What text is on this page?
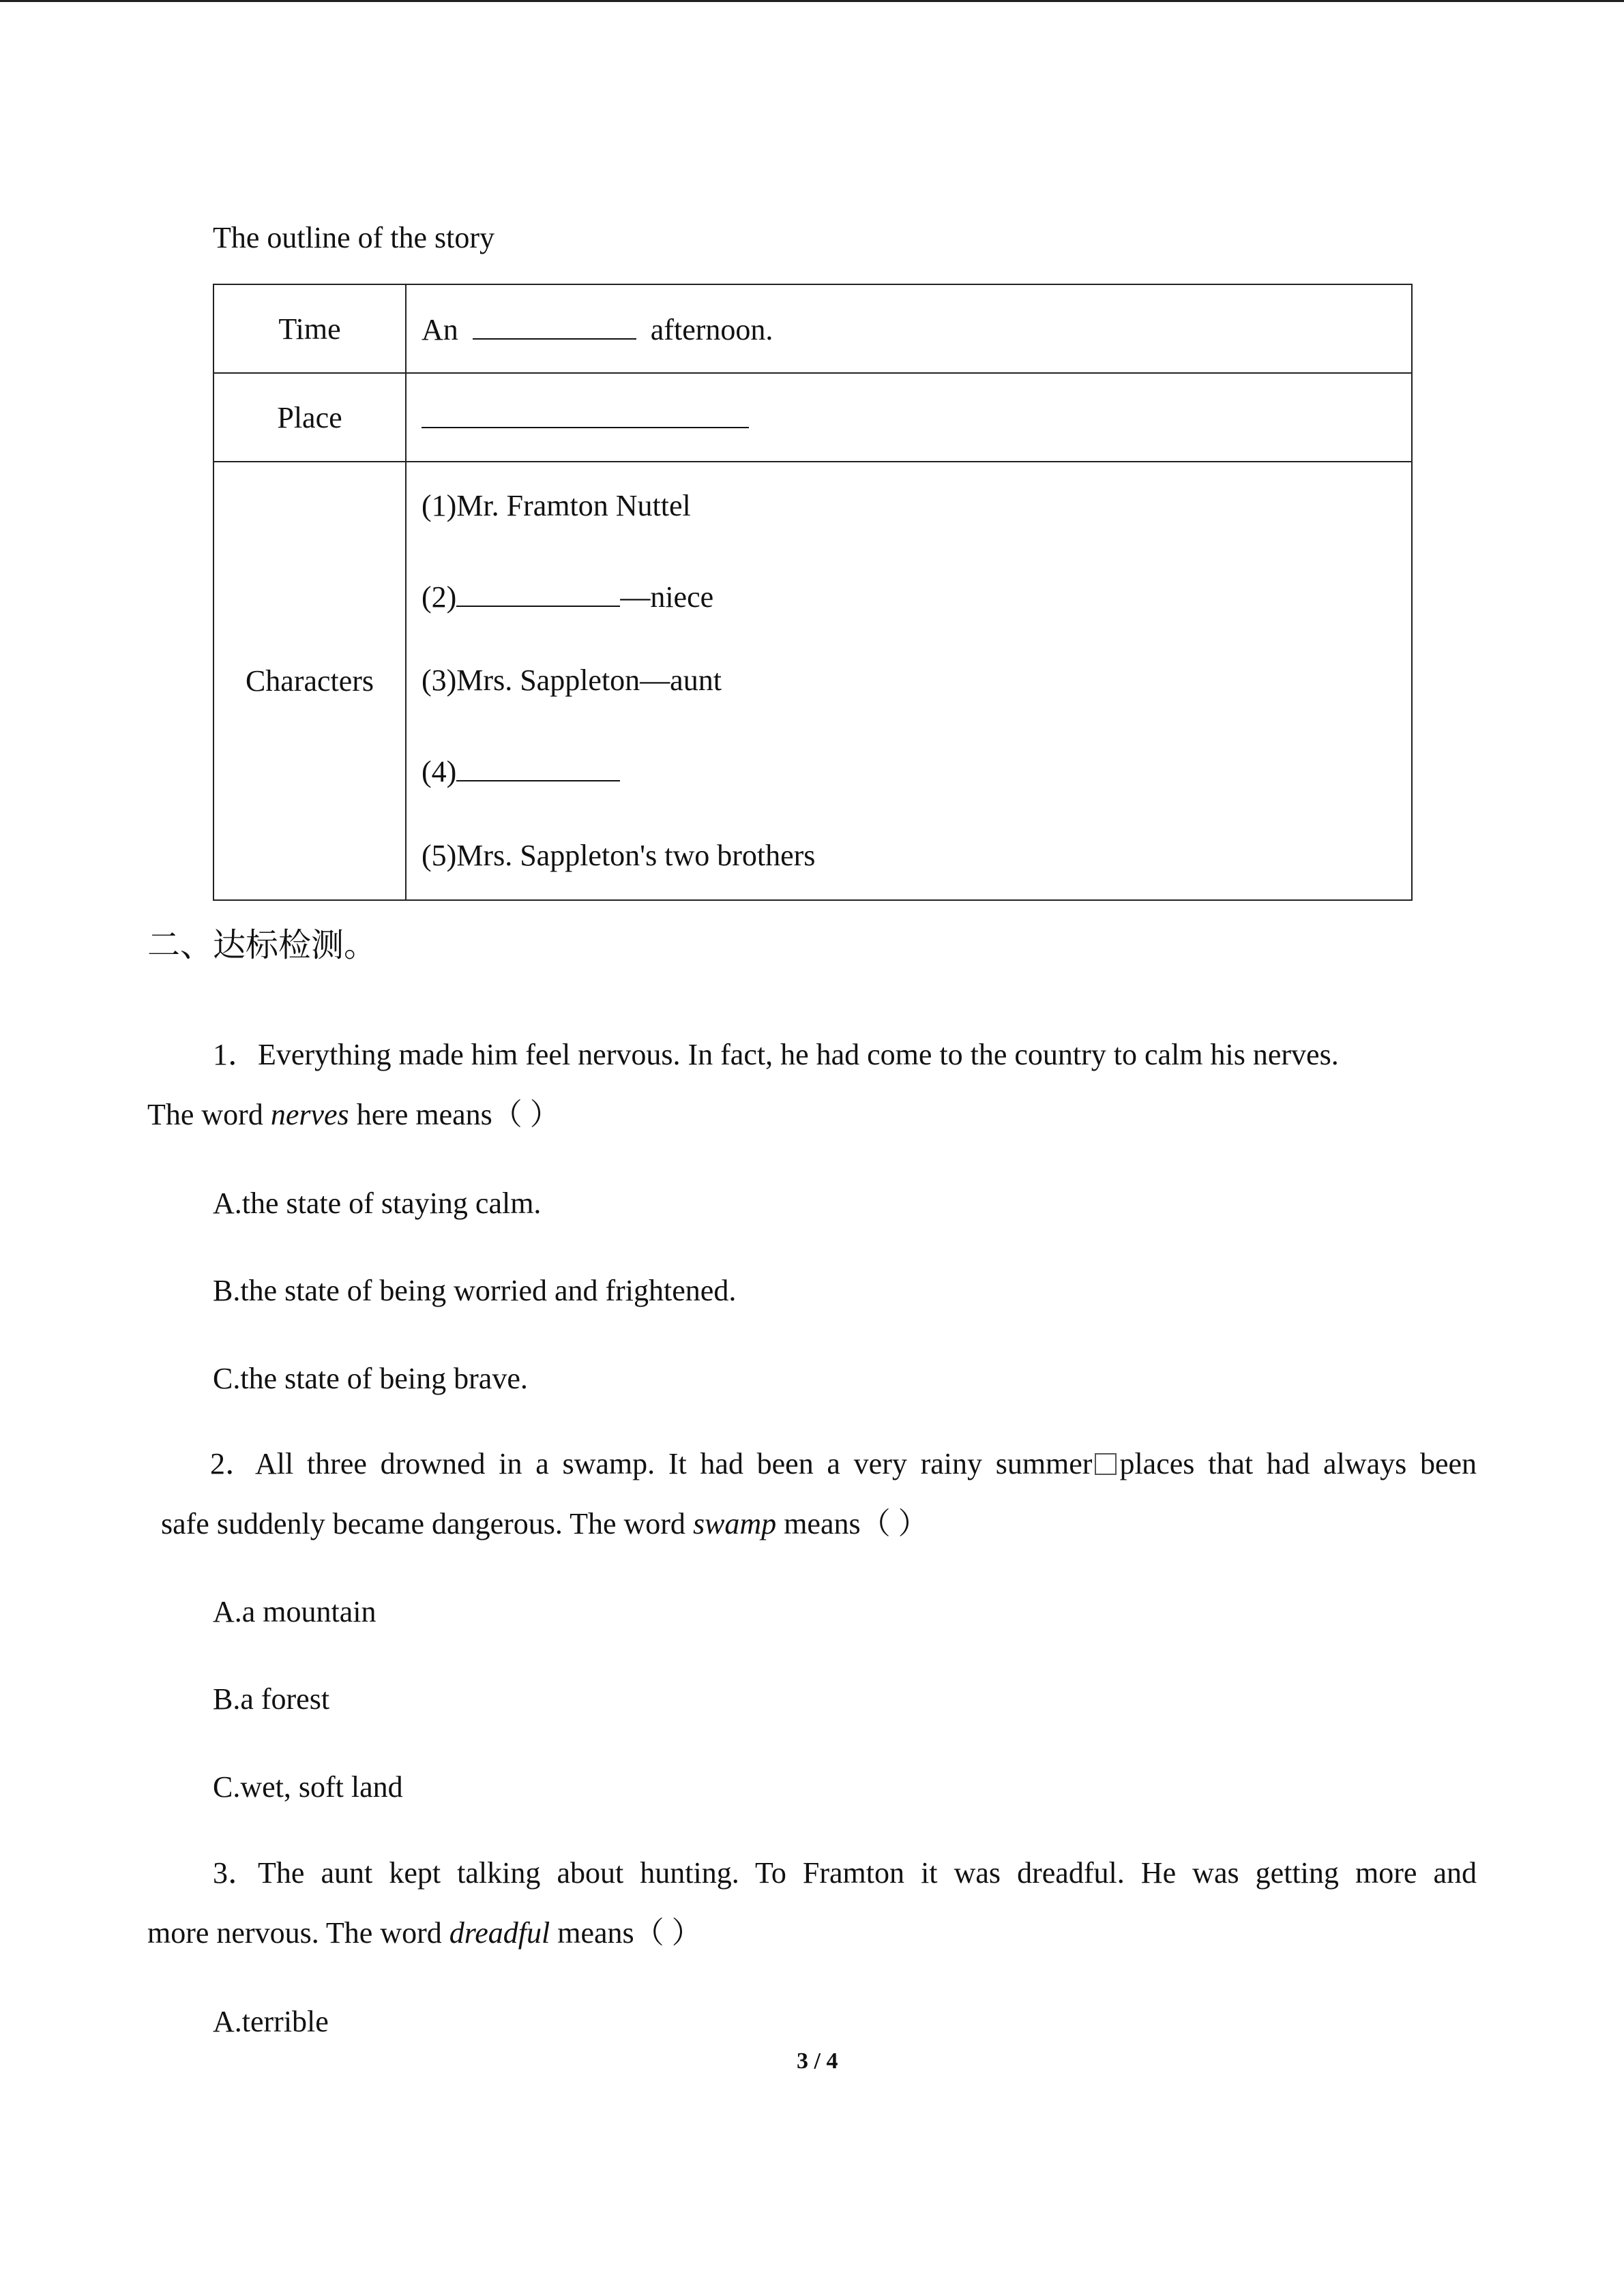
The outline of the story
Time	An afternoon.
Place	
Characters	(1)Mr. Framton Nuttel
(2) —niece
(3)Mrs. Sappleton—aunt
(4)
(5)Mrs. Sappleton's two brothers
二、达标检测。
1．Everything made him feel nervous. In fact, he had come to the country to calm his nerves.
The word nerves here means（ ）
A.the state of staying calm.
B.the state of being worried and frightened.
C.the state of being brave.
2．All three drowned in a swamp. It had been a very rainy summer places that had always been
safe suddenly became dangerous. The word swamp means（ ）
A.a mountain
B.a forest
C.wet, soft land
3．The aunt kept talking about hunting. To Framton it was dreadful. He was getting more and
more nervous. The word dreadful means（ ）
A.terrible
3 / 4
